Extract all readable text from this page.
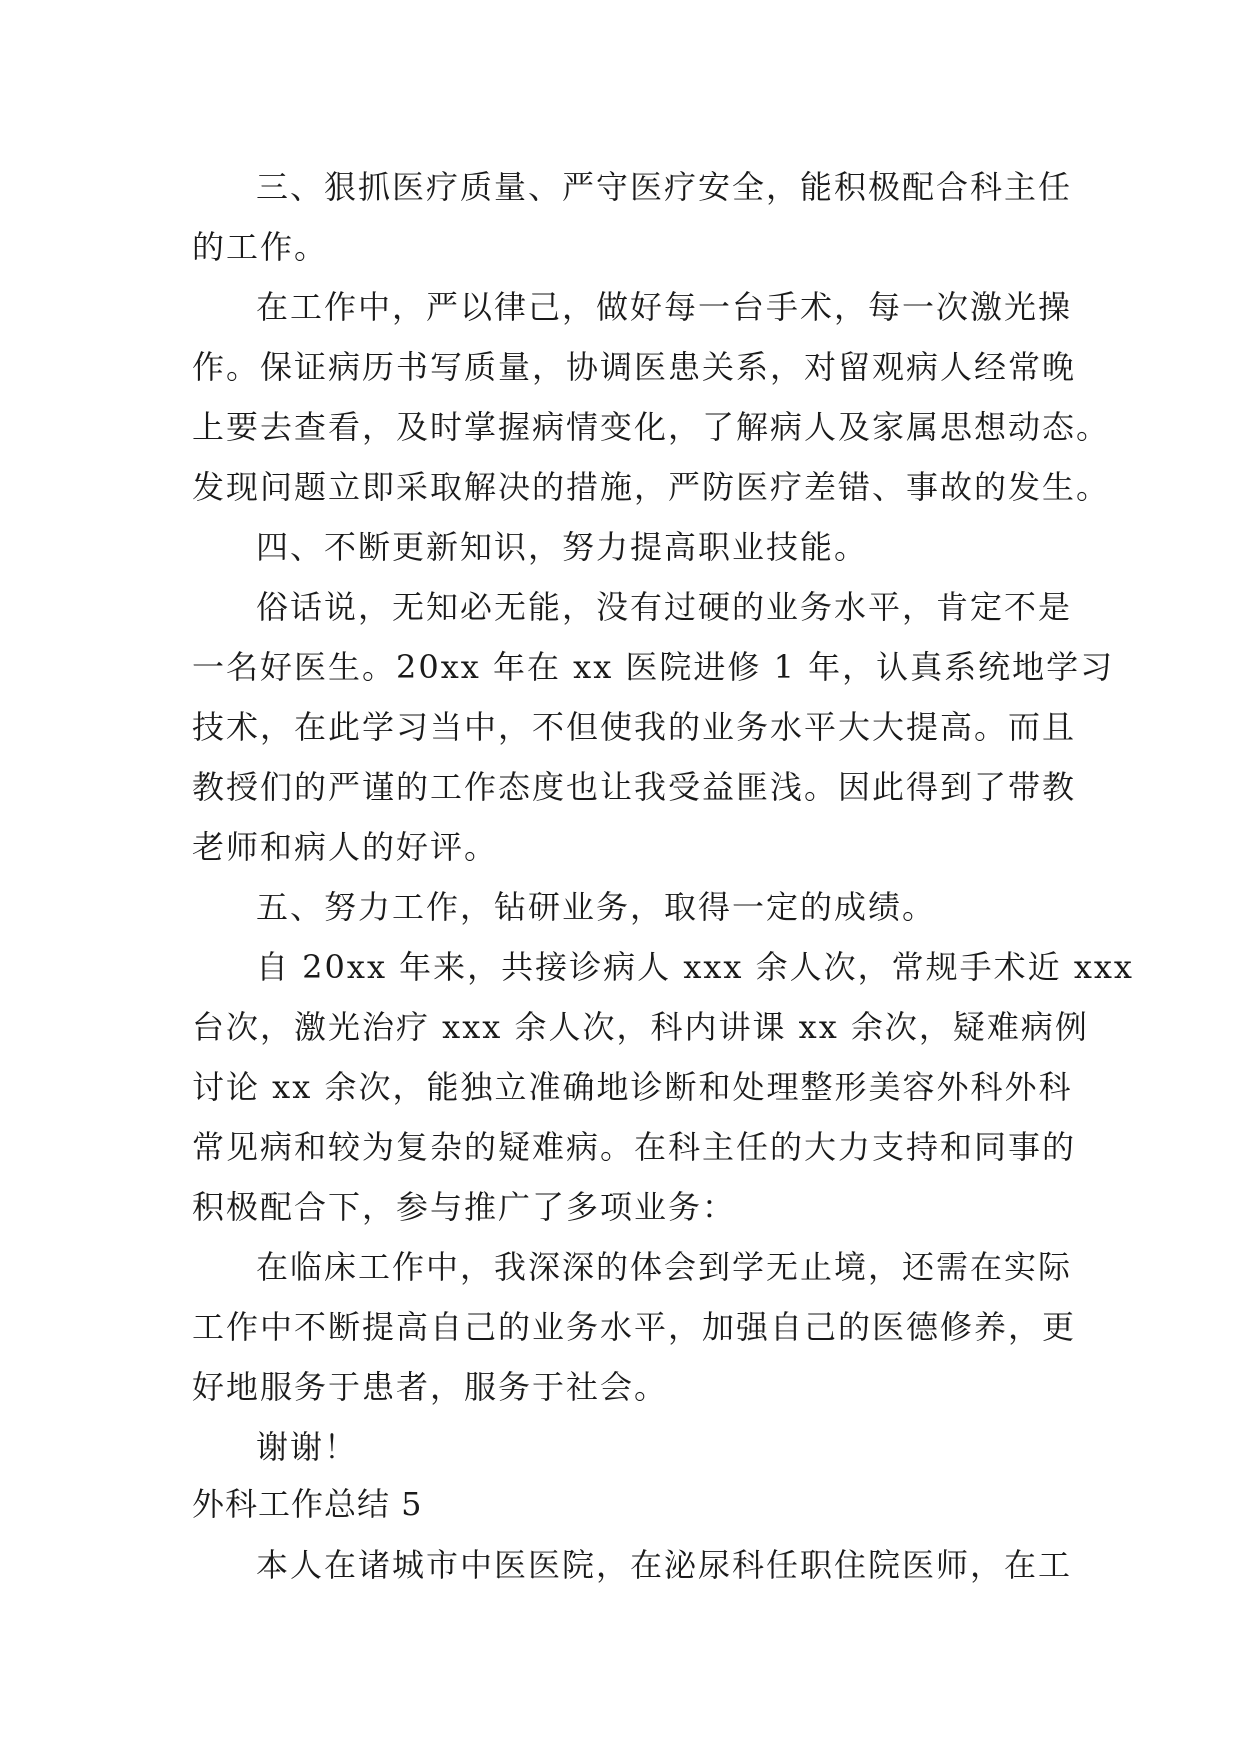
三、狠抓医疗质量、严守医疗安全，能积极配合科主任
的工作。
在工作中，严以律己，做好每一台手术，每一次激光操
作。保证病历书写质量，协调医患关系，对留观病人经常晚
上要去查看，及时掌握病情变化，了解病人及家属思想动态。
发现问题立即采取解决的措施，严防医疗差错、事故的发生。
四、不断更新知识，努力提高职业技能。
俗话说，无知必无能，没有过硬的业务水平，肯定不是
一名好医生。20xx 年在 xx 医院进修 1 年，认真系统地学习
技术，在此学习当中，不但使我的业务水平大大提高。而且
教授们的严谨的工作态度也让我受益匪浅。因此得到了带教
老师和病人的好评。
五、努力工作，钻研业务，取得一定的成绩。
自 20xx 年来，共接诊病人 xxx 余人次，常规手术近 xxx
台次，激光治疗 xxx 余人次，科内讲课 xx 余次，疑难病例
讨论 xx 余次，能独立准确地诊断和处理整形美容外科外科
常见病和较为复杂的疑难病。在科主任的大力支持和同事的
积极配合下，参与推广了多项业务：
在临床工作中，我深深的体会到学无止境，还需在实际
工作中不断提高自己的业务水平，加强自己的医德修养，更
好地服务于患者，服务于社会。
谢谢！
外科工作总结 5
本人在诸城市中医医院，在泌尿科任职住院医师，在工
